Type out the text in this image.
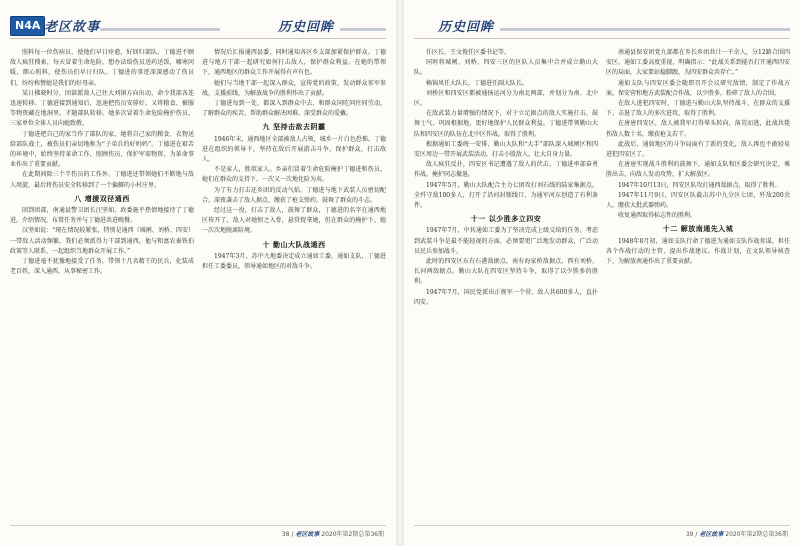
N4A 老区故事	历史回眸

照料每一位伤病员，使他们早日痊愈，好回归部队。丁德进不顾敌人疯狂搜索，每天冒着生命危险，想办法给伤员送药送饭，嘘寒问暖，细心照料，使伤员们早日归队。丁德进的事迹深深感动了伤员们，纷纷称赞她是我们的好母亲。

某日拂晓时分，团部派敌人己往大刘镇方向出动，命令我部各连迅速转移。丁德进接到通知后，迅速把伤员安排好，又将粮食、被服等物资藏在地洞里，才随部队转移。她多次冒着生命危险掩护伤员，三家单位全体人员向她致敬。

丁德进把自己的家当作了部队的家，她将自己家的粮食、衣物送给部队战士，被伤员们亲切地称为“子弟兵的好妈妈”。丁德进在艰苦的环境中，始终坚持革命工作，照顾伤员，保护军需物资，为革命事业作出了重要贡献。

在此期间除三个半伤员的工作外，丁德进还带领她们不断地与敌人周旋，最后将伤员安全转移到了一个偏僻的小村庄里。

八 增援双径通西

回到团部，南通县警卫团长汪坚如，政委施平热情地接待了丁德进，介绍情况，布置任务并与丁德进共进晚餐。

汉坚如说：“现在情况较紧张，特别是通西（城闸、刘桥、四安）一带敌人活动频繁，我们必须派得力干部到通西，他与和富农秦铁伯政策等人联系，一起组织当地群众开展工作。”

丁德进毫不犹豫地接受了任务，带领十几名精干的民兵，化装成老百姓，深入通西，从事秘密工作。

情况后汇报通西县委，同时通知各区乡支部加紧保护群众。丁德进与地方干部一起研究如何打击敌人，保护群众利益。在她的带领下，通西地区的群众工作开展得有声有色。

她们与当地干部一起深入群众，宣传党的政策，发动群众参军参战，支援前线，为解放战争的胜利作出了贡献。

丁德进每到一处，都深入到群众中去，和群众同吃同住同劳动，了解群众的疾苦，帮助群众解决困难，深受群众的爱戴。

九 坚持击敌去阴霾

1946年末，通西地区全部被敌人占领，城乡一片白色恐怖。丁德进在组织的领导下，坚持在敌后开展游击斗争，保护群众，打击敌人。

不是家人，胜似家人。乡亲们冒着生命危险掩护丁德进和伤员，她们在群众的支持下，一次又一次地化险为夷。

为了有力打击还乡团的反动气焰，丁德进与地下武装人员密切配合，深夜袭击了敌人据点，缴获了枪支弹药，鼓舞了群众的斗志。

经过这一役，打击了敌人，鼓舞了群众，丁德进的名字在通西地区传开了，敌人对她恨之入骨，悬赏捉拿她，但在群众的掩护下，她一次次地脱离险境。

十 勤山大队战通西

1947年3月，苏中九地委决定成立通如工委，通如支队，丁德进担任工委委员，领导通如地区的对敌斗争。

38 / 老区故事 2020年第2期总第36期
历史回眸

任区长、王文俊任区委书记等。

同时将城闸、刘桥、四安三区的区队人员集中合并成立勤山大队。

赖锦凤任大队长，丁德进任副大队长。

刘桥区和四安区都被通扬运河分为南北两部，并划分为南、北中区。

在敌武装力量增强的情况下，对于立足据点的敌人实施打击，鼓舞士气，巩固根据地，更好地保护人民群众利益。丁德进带领勤山大队和四安区的队伍在北中区作战，取得了胜利。

根据通如工委统一安排，勤山大队和“大手”部队深入城闸区和四安区周边一带开展武装活动，打击小股敌人，壮大自身力量。

敌人疯狂反扑，四安区书记遭遇了敌人的伏击，丁德进率部奋勇作战，掩护同志撤退。

1947年5月，勤山大队配合主力七团攻打刘石线的陆家集据点，全歼守敌100多人，打开了沿河封锁线口，为通军河东创造了有利条件。

十一 以少胜多立四安

1947年7月，中共通如工委为了坚决完成上级交给的任务，考虑到武装斗争是最不能轻视的方面，必须要更广泛地发动群众，广泛动员民兵参加战斗。

此时的四安区东有石港敌据点，南有海家桥敌据点，西有刘桥、长河两敌据点。勤山大队在四安区坚持斗争，取得了以少胜多的胜利。

1947年7月，国民党派出正规军一个营，敌人共600多人，直扑四安。

南通县保安团党九部都在乡长乡团共计一千余人，分12路合围四安区。通如工委高度重视，明确指示：“此战关系到能否打开通西四安区的局面，大家要站稳脚跟，为四安群众共存亡。”

通如支队与四安区委会随即召开会议研究敌情，制定了作战方案。保安营和地方武装配合作战，以少胜多，粉碎了敌人的合围。

在敌人进犯四安时，丁德进与勤山大队坚持战斗，在群众的支援下，击退了敌人的多次进攻，取得了胜利。

在唐唐四安区，敌人被我军打得晕头转向，落荒而逃，此战共毙伤敌人数十名，缴获枪支若干。

此战后，通如地区的斗争局面有了新的变化，敌人再也不敢轻易进犯四安区了。

在唐唐实现战斗胜利的鼓舞下，通如支队和区委会研究决定，乘胜出击，向敌人发动攻势，扩大解放区。

1947年10月13日，四安区队攻打通西敌据点，取得了胜利。

1947年11月9日，四安区队截击苏中九分区七团，歼敌200余人，缴获大批武器弹药。

收复通西取得标志性的胜利。

十二 解放南通先入城

1948年8月初，通如支队行命了德进为通如支队作战参谋，担任各个作战行动的主管，提出作战建议。作战计划，在文队领导核查下，为解放南通作出了重要贡献。

39 / 老区故事 2020年第2期总第36期
